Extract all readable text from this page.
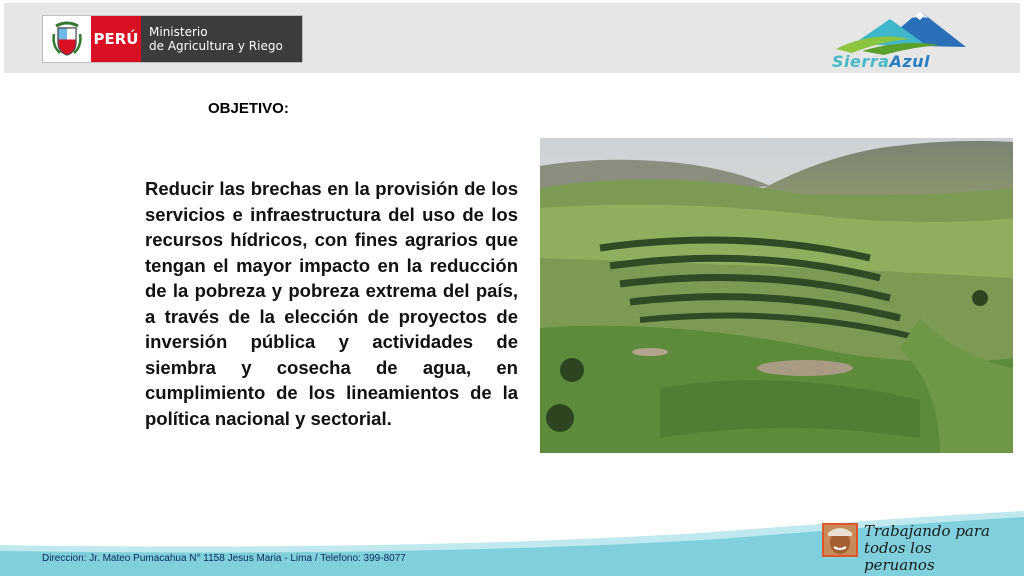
PERÚ Ministerio
de Agricultura y Riego
SierraAzul
OBJETIVO:

Reducir las brechas en la provisión de los servicios e infraestructura del uso de los recursos hídricos, con fines agrarios que tengan el mayor impacto en la reducción de la pobreza y pobreza extrema del país, a través de la elección de proyectos de inversión pública y actividades de siembra y cosecha de agua, en cumplimiento de los lineamientos de la política nacional y sectorial.

Direccion: Jr. Mateo Pumacahua N° 1158 Jesus Maria - Lima / Telefono: 399-8077
Trabajando para
todos los peruanos
